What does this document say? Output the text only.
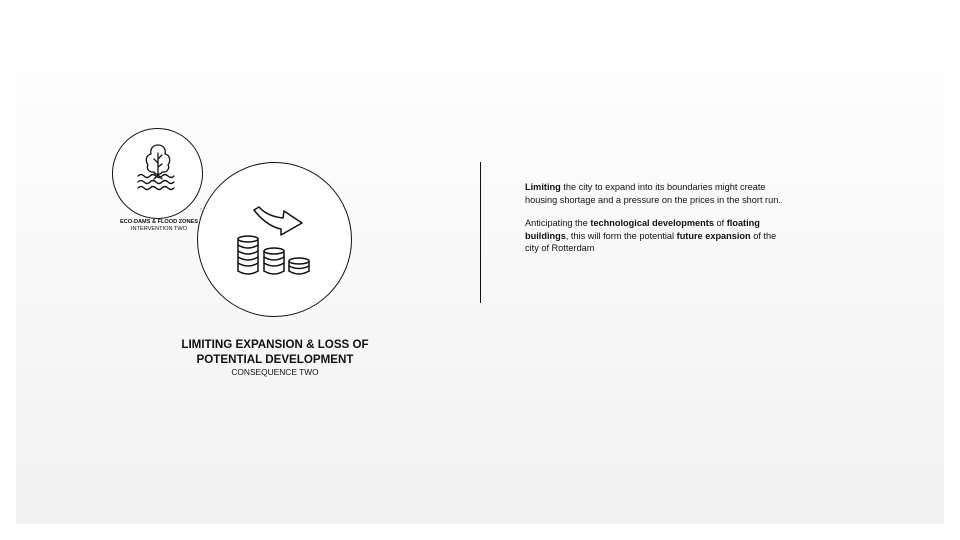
ECO-DAMS & FLOOD ZONES
INTERVENTION TWO
LIMITING EXPANSION & LOSS OF
POTENTIAL DEVELOPMENT
CONSEQUENCE TWO

Limiting the city to expand into its boundaries might create housing shortage and a pressure on the prices in the short run.

Anticipating the technological developments of floating buildings, this will form the potential future expansion of the city of Rotterdam
